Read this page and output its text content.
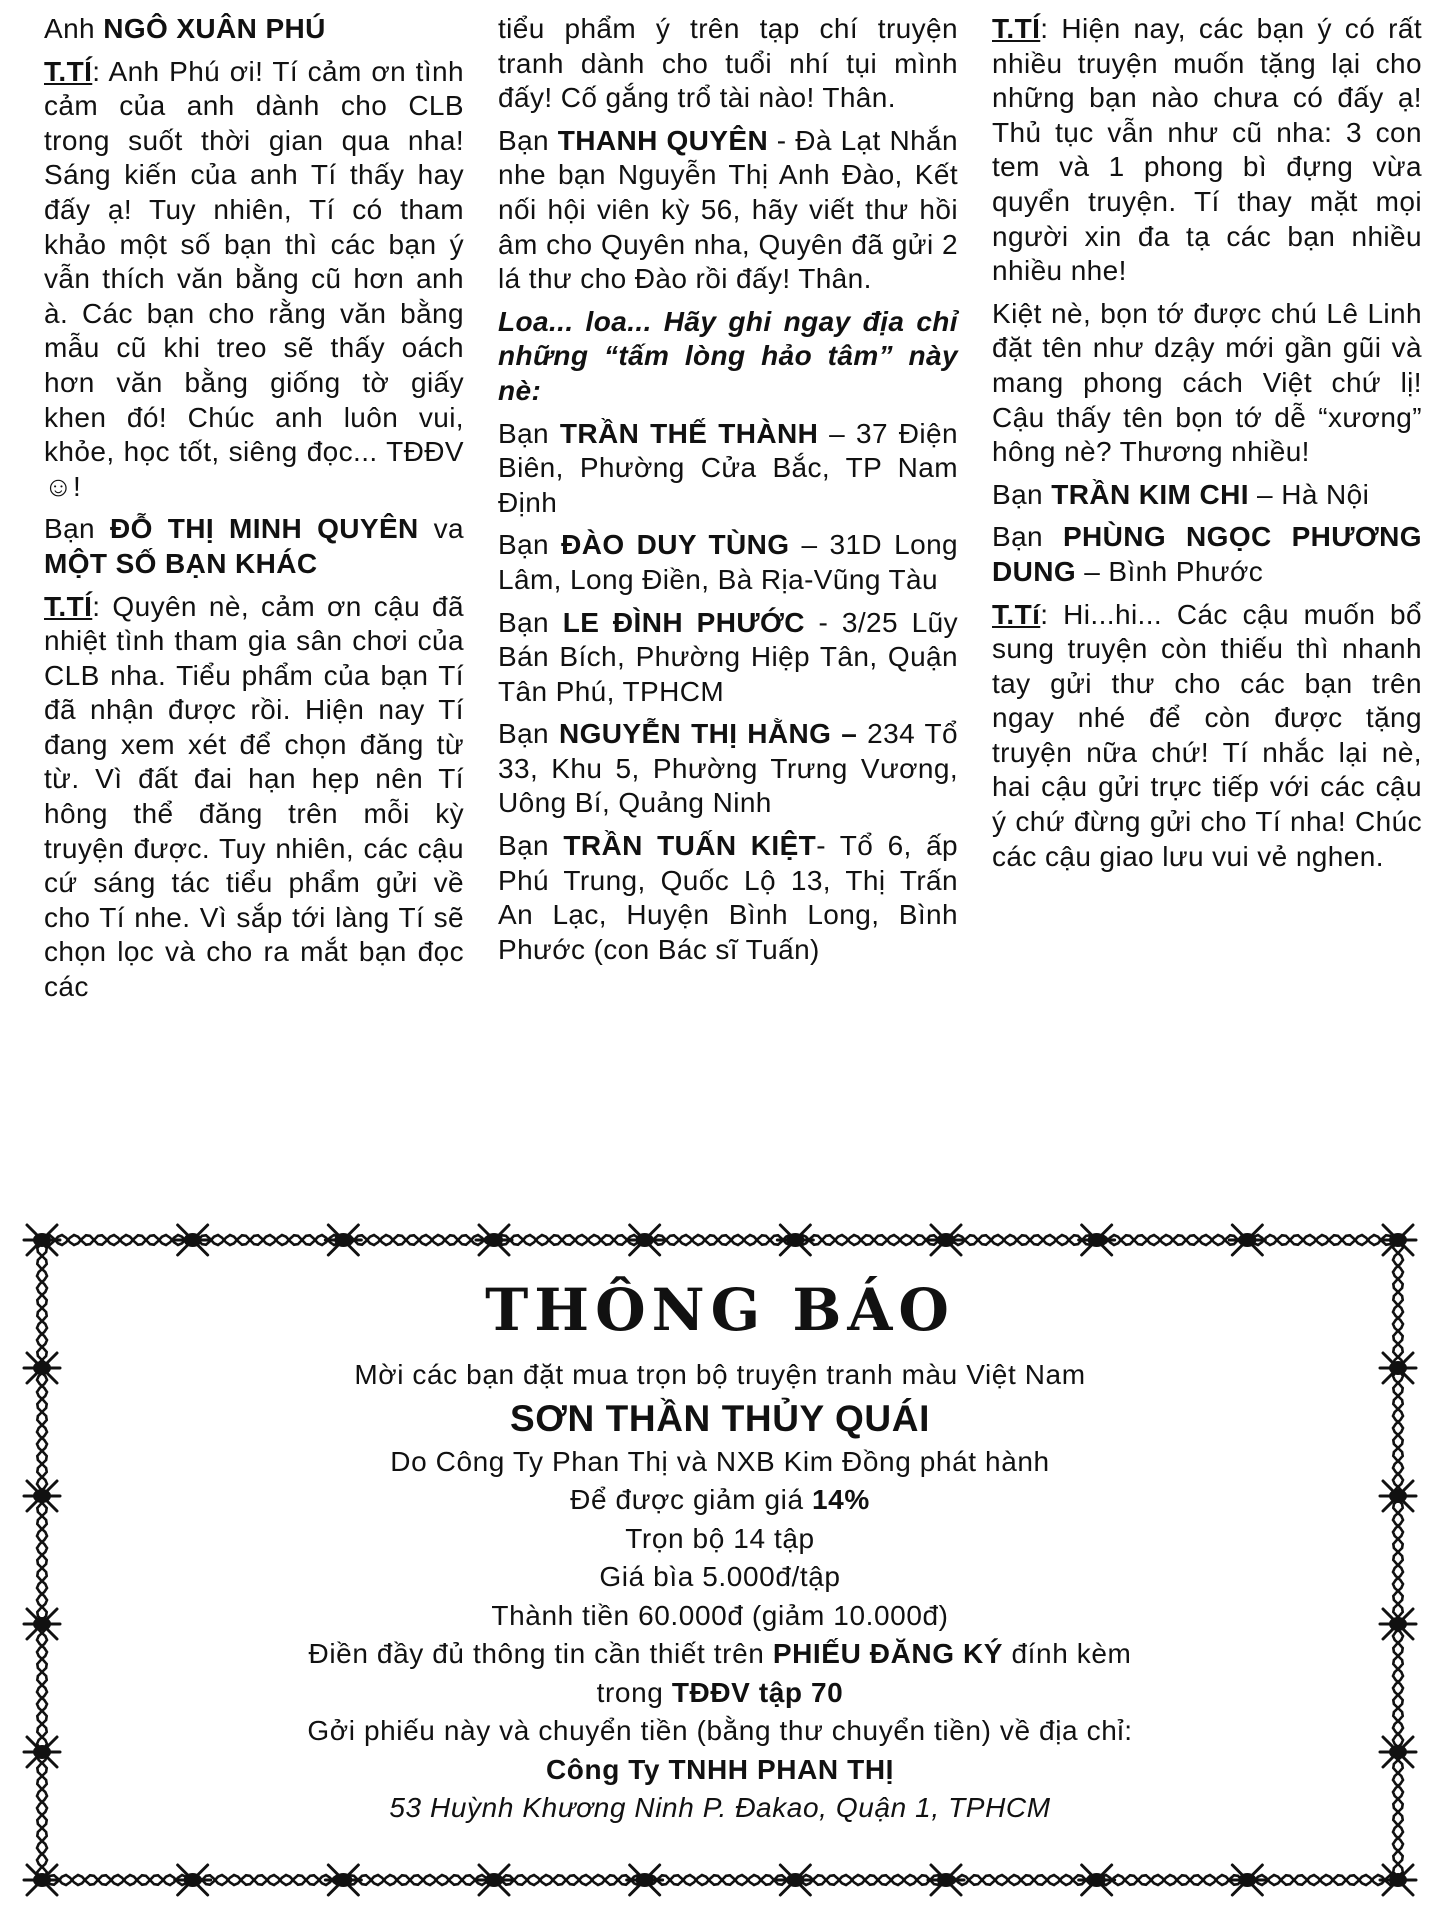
Anh NGÔ XUÂN PHÚ

T.TÍ: Anh Phú ơi! Tí cảm ơn tình cảm của anh dành cho CLB trong suốt thời gian qua nha! Sáng kiến của anh Tí thấy hay đấy ạ! Tuy nhiên, Tí có tham khảo một số bạn thì các bạn ý vẫn thích văn bằng cũ hơn anh à. Các bạn cho rằng văn bằng mẫu cũ khi treo sẽ thấy oách hơn văn bằng giống tờ giấy khen đó! Chúc anh luôn vui, khỏe, học tốt, siêng đọc... TĐĐV ☺!

Bạn ĐỖ THỊ MINH QUYÊN va MỘT SỐ BẠN KHÁC

T.TÍ: Quyên nè, cảm ơn cậu đã nhiệt tình tham gia sân chơi của CLB nha. Tiểu phẩm của bạn Tí đã nhận được rồi. Hiện nay Tí đang xem xét để chọn đăng từ từ. Vì đất đai hạn hẹp nên Tí hông thể đăng trên mỗi kỳ truyện được. Tuy nhiên, các cậu cứ sáng tác tiểu phẩm gửi về cho Tí nhe. Vì sắp tới làng Tí sẽ chọn lọc và cho ra mắt bạn đọc các

tiểu phẩm ý trên tạp chí truyện tranh dành cho tuổi nhí tụi mình đấy! Cố gắng trổ tài nào! Thân.

Bạn THANH QUYÊN - Đà Lạt Nhắn nhe bạn Nguyễn Thị Anh Đào, Kết nối hội viên kỳ 56, hãy viết thư hồi âm cho Quyên nha, Quyên đã gửi 2 lá thư cho Đào rồi đấy! Thân.

Loa... loa... Hãy ghi ngay địa chỉ những “tấm lòng hảo tâm” này nè:

Bạn TRẦN THẾ THÀNH – 37 Điện Biên, Phường Cửa Bắc, TP Nam Định

Bạn ĐÀO DUY TÙNG – 31D Long Lâm, Long Điền, Bà Rịa-Vũng Tàu

Bạn LE ĐÌNH PHƯỚC - 3/25 Lũy Bán Bích, Phường Hiệp Tân, Quận Tân Phú, TPHCM

Bạn NGUYỄN THỊ HẰNG – 234 Tổ 33, Khu 5, Phường Trưng Vương, Uông Bí, Quảng Ninh

Bạn TRẦN TUẤN KIỆT- Tổ 6, ấp Phú Trung, Quốc Lộ 13, Thị Trấn An Lạc, Huyện Bình Long, Bình Phước (con Bác sĩ Tuấn)

T.TÍ: Hiện nay, các bạn ý có rất nhiều truyện muốn tặng lại cho những bạn nào chưa có đấy ạ! Thủ tục vẫn như cũ nha: 3 con tem và 1 phong bì đựng vừa quyển truyện. Tí thay mặt mọi người xin đa tạ các bạn nhiều nhiều nhe!

Kiệt nè, bọn tớ được chú Lê Linh đặt tên như dzậy mới gần gũi và mang phong cách Việt chứ lị! Cậu thấy tên bọn tớ dễ “xương” hông nè? Thương nhiều!

Bạn TRẦN KIM CHI – Hà Nội

Bạn PHÙNG NGỌC PHƯƠNG DUNG – Bình Phước

T.Tí: Hi...hi... Các cậu muốn bổ sung truyện còn thiếu thì nhanh tay gửi thư cho các bạn trên ngay nhé để còn được tặng truyện nữa chứ! Tí nhắc lại nè, hai cậu gửi trực tiếp với các cậu ý chứ đừng gửi cho Tí nha! Chúc các cậu giao lưu vui vẻ nghen.

THÔNG BÁO
Mời các bạn đặt mua trọn bộ truyện tranh màu Việt Nam
SƠN THẦN THỦY QUÁI
Do Công Ty Phan Thị và NXB Kim Đồng phát hành
Để được giảm giá 14%
Trọn bộ 14 tập
Giá bìa 5.000đ/tập
Thành tiền 60.000đ (giảm 10.000đ)
Điền đầy đủ thông tin cần thiết trên PHIẾU ĐĂNG KÝ đính kèm
trong TĐĐV tập 70
Gởi phiếu này và chuyển tiền (bằng thư chuyển tiền) về địa chỉ:
Công Ty TNHH PHAN THỊ
53 Huỳnh Khương Ninh P. Đakao, Quận 1, TPHCM
